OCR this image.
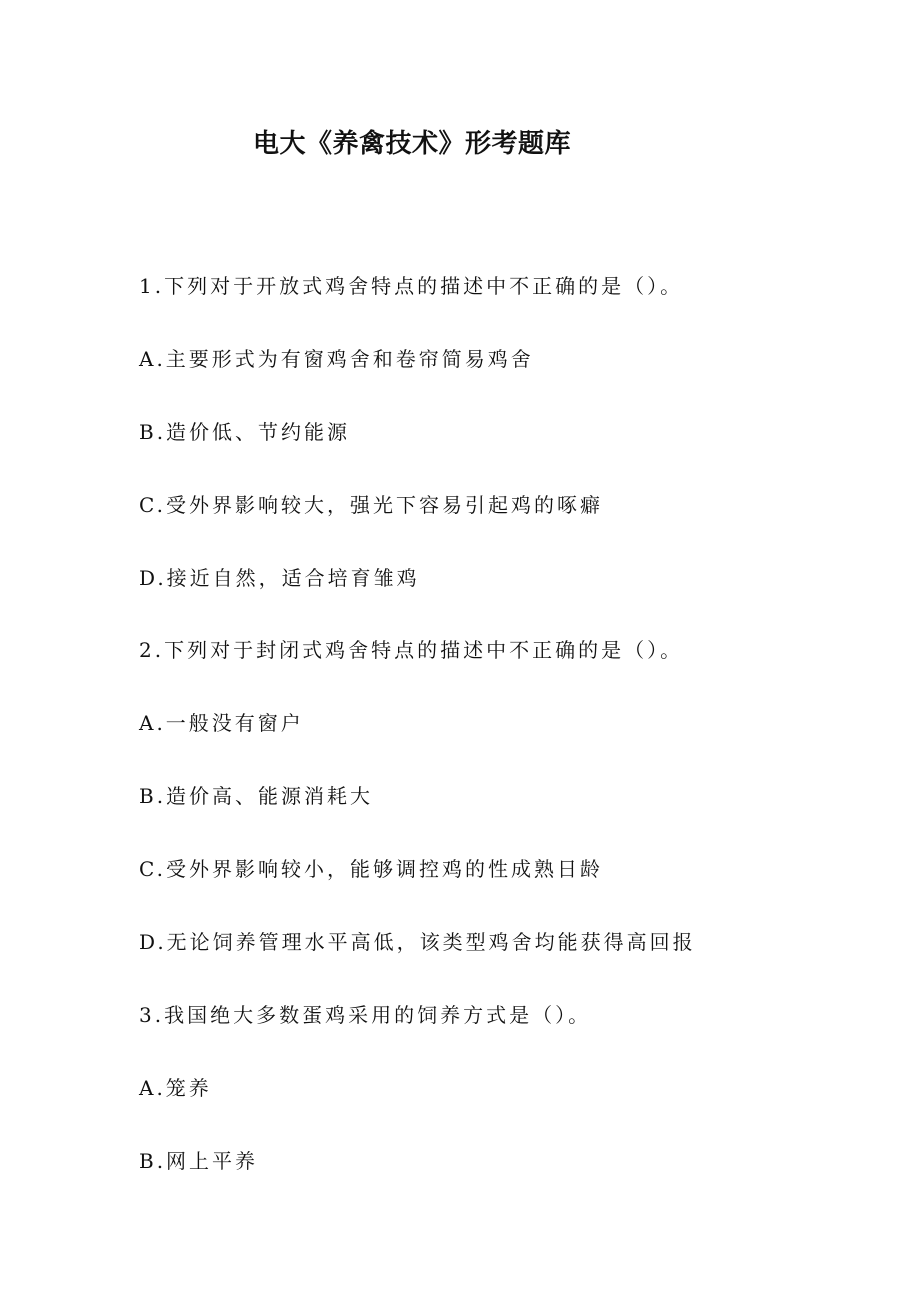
电大《养禽技术》形考题库
1.下列对于开放式鸡舍特点的描述中不正确的是（）。
A.主要形式为有窗鸡舍和卷帘简易鸡舍
B.造价低、节约能源
C.受外界影响较大，强光下容易引起鸡的啄癖
D.接近自然，适合培育雏鸡
2.下列对于封闭式鸡舍特点的描述中不正确的是（）。
A.一般没有窗户
B.造价高、能源消耗大
C.受外界影响较小，能够调控鸡的性成熟日龄
D.无论饲养管理水平高低，该类型鸡舍均能获得高回报
3.我国绝大多数蛋鸡采用的饲养方式是（）。
A.笼养
B.网上平养
